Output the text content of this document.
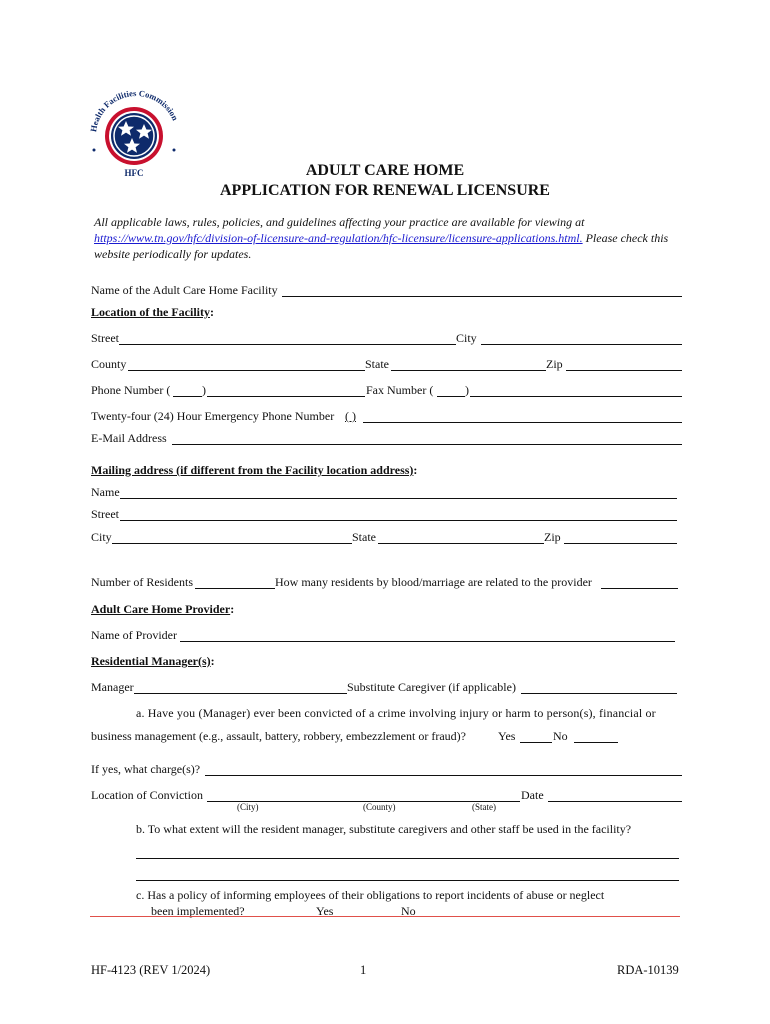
Health Facilities Commission
HFC	ADULT CARE HOME
APPLICATION FOR RENEWAL LICENSURE
All applicable laws, rules, policies, and guidelines affecting your practice are available for viewing at https://www.tn.gov/hfc/division-of-licensure-and-regulation/hfc-licensure/licensure-applications.html. Please check this website periodically for updates.
Name of the Adult Care Home Facility
Location of the Facility:
Street	City
County	State	Zip
Phone Number (	)	Fax Number (	)
Twenty-four (24) Hour Emergency Phone Number ( )
E-Mail Address
Mailing address (if different from the Facility location address):
Name
Street
City	State	Zip
Number of Residents	How many residents by blood/marriage are related to the provider
Adult Care Home Provider:
Name of Provider
Residential Manager(s):
Manager	Substitute Caregiver (if applicable)
a. Have you (Manager) ever been convicted of a crime involving injury or harm to person(s), financial or
business management (e.g., assault, battery, robbery, embezzlement or fraud)?	Yes	No
If yes, what charge(s)?
Location of Conviction	Date
(City)	(County)	(State)
b. To what extent will the resident manager, substitute caregivers and other staff be used in the facility?
c. Has a policy of informing employees of their obligations to report incidents of abuse or neglect
been implemented?	Yes	No
HF-4123 (REV 1/2024)	1	RDA-10139
